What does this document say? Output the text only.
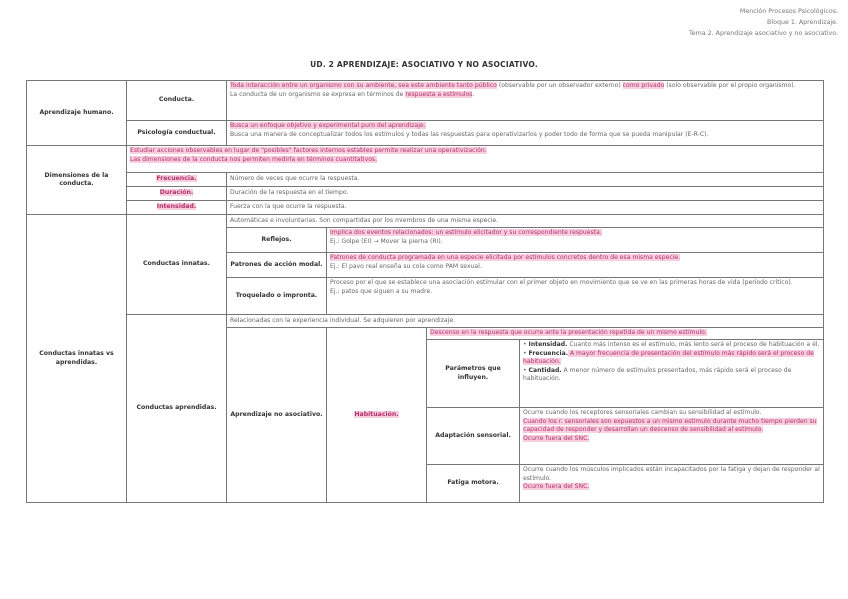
Mención Procesos Psicológicos.
Bloque 1. Aprendizaje.
Tema 2. Aprendizaje asociativo y no asociativo.
UD. 2 APRENDIZAJE: ASOCIATIVO Y NO ASOCIATIVO.
Aprendizaje humano.	Conducta.	Toda interacción entre un organismo con su ambiente, sea este ambiente tanto público (observable por un observador externo) como privado (solo observable por el propio organismo).
La conducta de un organismo se expresa en términos de respuesta a estímulos.			
	Psicología conductual.	Busca un enfoque objetivo y experimental puro del aprendizaje.
Busca una manera de conceptualizar todos los estímulos y todas las respuestas para operativizarlos y poder todo de forma que se pueda manipular (E-R-C).			
Dimensiones de la conducta.	Estudiar acciones observables en lugar de "posibles" factores internos estables permite realizar una operativización.
Las dimensiones de la conducta nos permiten medirla en términos cuantitativos.				
	Frecuencia.	Número de veces que ocurre la respuesta.			
	Duración.	Duración de la respuesta en el tiempo.			
	Intensidad.	Fuerza con la que ocurre la respuesta.			
Conductas innatas vs aprendidas.	Conductas innatas.	Automáticas e involuntarias. Son compartidas por los miembros de una misma especie.			
		Reflejos.	Implica dos eventos relacionados: un estímulo elicitador y su correspondiente respuesta.
Ej.: Golpe (EI) → Mover la pierna (RI).		
		Patrones de acción modal.	Patrones de conducta programada en una especie elicitada por estímulos concretos dentro de esa misma especie.
Ej.: El pavo real enseña su cola como PAM sexual.		
		Troquelado o impronta.	Proceso por el que se establece una asociación estimular con el primer objeto en movimiento que se ve en las primeras horas de vida (periodo crítico).
Ej.: patos que siguen a su madre.		
	Conductas aprendidas.	Relacionadas con la experiencia individual. Se adquieren por aprendizaje.			
		Aprendizaje no asociativo.	Habituación.	Descenso en la respuesta que ocurre ante la presentación repetida de un mismo estímulo.	
				Parámetros que influyen.	• Intensidad. Cuanto más intenso es el estímulo, más lento será el proceso de habituación a él.
• Frecuencia. A mayor frecuencia de presentación del estímulo más rápido será el proceso de habituación.
• Cantidad. A menor número de estímulos presentados, más rápido será el proceso de habituación.
				Adaptación sensorial.	Ocurre cuando los receptores sensoriales cambian su sensibilidad al estímulo.
Cuando los r. sensoriales son expuestos a un mismo estímulo durante mucho tiempo pierden su capacidad de responder y desarrollan un descenso de sensibilidad al estímulo.
Ocurre fuera del SNC.
				Fatiga motora.	Ocurre cuando los músculos implicados están incapacitados por la fatiga y dejan de responder al estímulo.
Ocurre fuera del SNC.
